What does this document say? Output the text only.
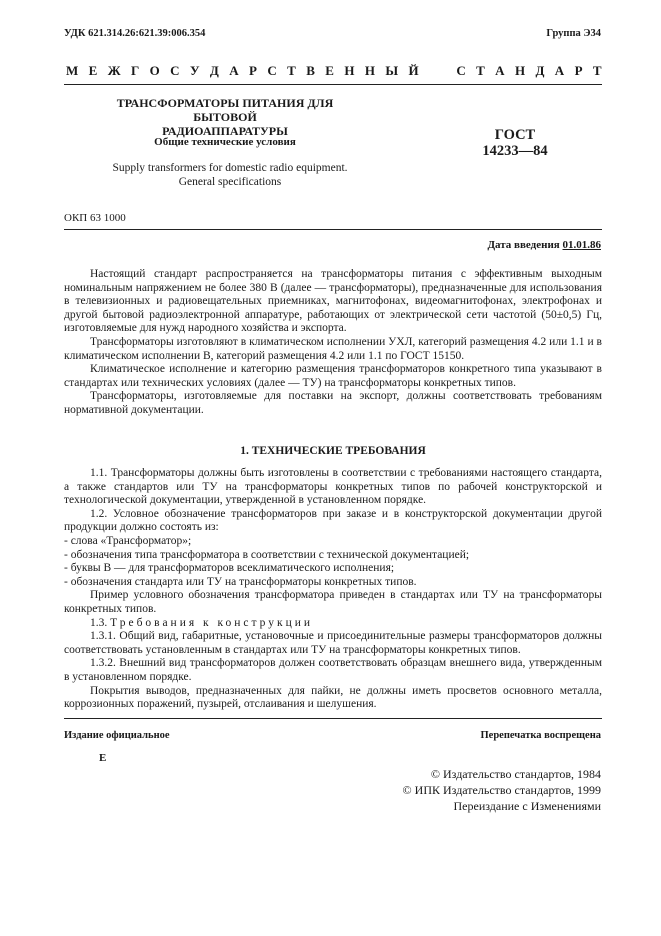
УДК 621.314.26:621.39:006.354	Группа Э34
М Е Ж Г О С У Д А Р С Т В Е Н Н Ы Й

	С Т А Н Д А Р Т
ТРАНСФОРМАТОРЫ ПИТАНИЯ ДЛЯ БЫТОВОЙ
РАДИОАППАРАТУРЫ
Общие технические условия
Supply transformers for domestic radio equipment.
General specifications
ГОСТ
14233—84
ОКП 63 1000
Дата введения 01.01.86

Настоящий стандарт распространяется на трансформаторы питания с эффективным выходным номинальным напряжением не более 380 В (далее — трансформаторы), предназначенные для использования в телевизионных и радиовещательных приемниках, магнитофонах, видеомагнитофонах, электрофонах и другой бытовой радиоэлектронной аппаратуре, работающих от электрической сети частотой (50±0,5) Гц, изготовляемые для нужд народного хозяйства и экспорта.

Трансформаторы изготовляют в климатическом исполнении УХЛ, категорий размещения 4.2 или 1.1 и в климатическом исполнении В, категорий размещения 4.2 или 1.1 по ГОСТ 15150.

Климатическое исполнение и категорию размещения трансформаторов конкретного типа указывают в стандартах или технических условиях (далее — ТУ) на трансформаторы конкретных типов.

Трансформаторы, изготовляемые для поставки на экспорт, должны соответствовать требованиям нормативной документации.

1. ТЕХНИЧЕСКИЕ ТРЕБОВАНИЯ

1.1. Трансформаторы должны быть изготовлены в соответствии с требованиями настоящего стандарта, а также стандартов или ТУ на трансформаторы конкретных типов по рабочей конструкторской и технологической документации, утвержденной в установленном порядке.

1.2. Условное обозначение трансформаторов при заказе и в конструкторской документации другой продукции должно состоять из:

- слова «Трансформатор»;

- обозначения типа трансформатора в соответствии с технической документацией;

- буквы В — для трансформаторов всеклиматического исполнения;

- обозначения стандарта или ТУ на трансформаторы конкретных типов.

Пример условного обозначения трансформатора приведен в стандартах или ТУ на трансформаторы конкретных типов.

1.3. Требования к конструкции

1.3.1. Общий вид, габаритные, установочные и присоединительные размеры трансформаторов должны соответствовать установленным в стандартах или ТУ на трансформаторы конкретных типов.

1.3.2. Внешний вид трансформаторов должен соответствовать образцам внешнего вида, утвержденным в установленном порядке.

Покрытия выводов, предназначенных для пайки, не должны иметь просветов основного металла, коррозионных поражений, пузырей, отслаивания и шелушения.

Издание официальное	Перепечатка воспрещена
Е
© Издательство стандартов, 1984
© ИПК Издательство стандартов, 1999
Переиздание с Изменениями
